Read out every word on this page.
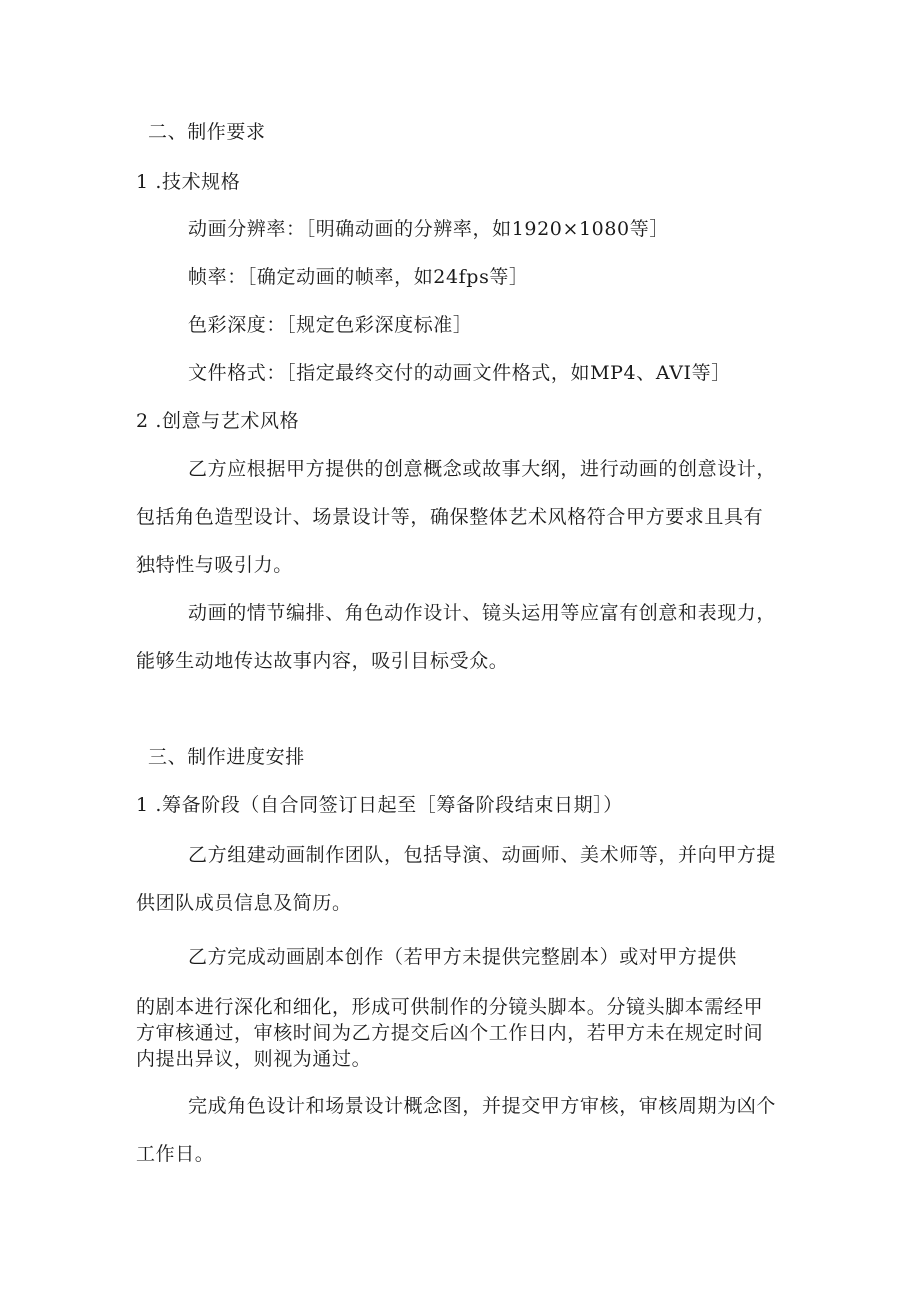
二、制作要求
1 .技术规格
动画分辨率：［明确动画的分辨率，如1920×1080等］
帧率：［确定动画的帧率，如24fps等］
色彩深度：［规定色彩深度标准］
文件格式：［指定最终交付的动画文件格式，如MP4、AVI等］
2 .创意与艺术风格
乙方应根据甲方提供的创意概念或故事大纲，进行动画的创意设计，
包括角色造型设计、场景设计等，确保整体艺术风格符合甲方要求且具有
独特性与吸引力。
动画的情节编排、角色动作设计、镜头运用等应富有创意和表现力，
能够生动地传达故事内容，吸引目标受众。
三、制作进度安排
1 .筹备阶段（自合同签订日起至［筹备阶段结束日期］）
乙方组建动画制作团队，包括导演、动画师、美术师等，并向甲方提
供团队成员信息及简历。
乙方完成动画剧本创作（若甲方未提供完整剧本）或对甲方提供
的剧本进行深化和细化，形成可供制作的分镜头脚本。分镜头脚本需经甲
方审核通过，审核时间为乙方提交后凶个工作日内，若甲方未在规定时间
内提出异议，则视为通过。
完成角色设计和场景设计概念图，并提交甲方审核，审核周期为凶个
工作日。
